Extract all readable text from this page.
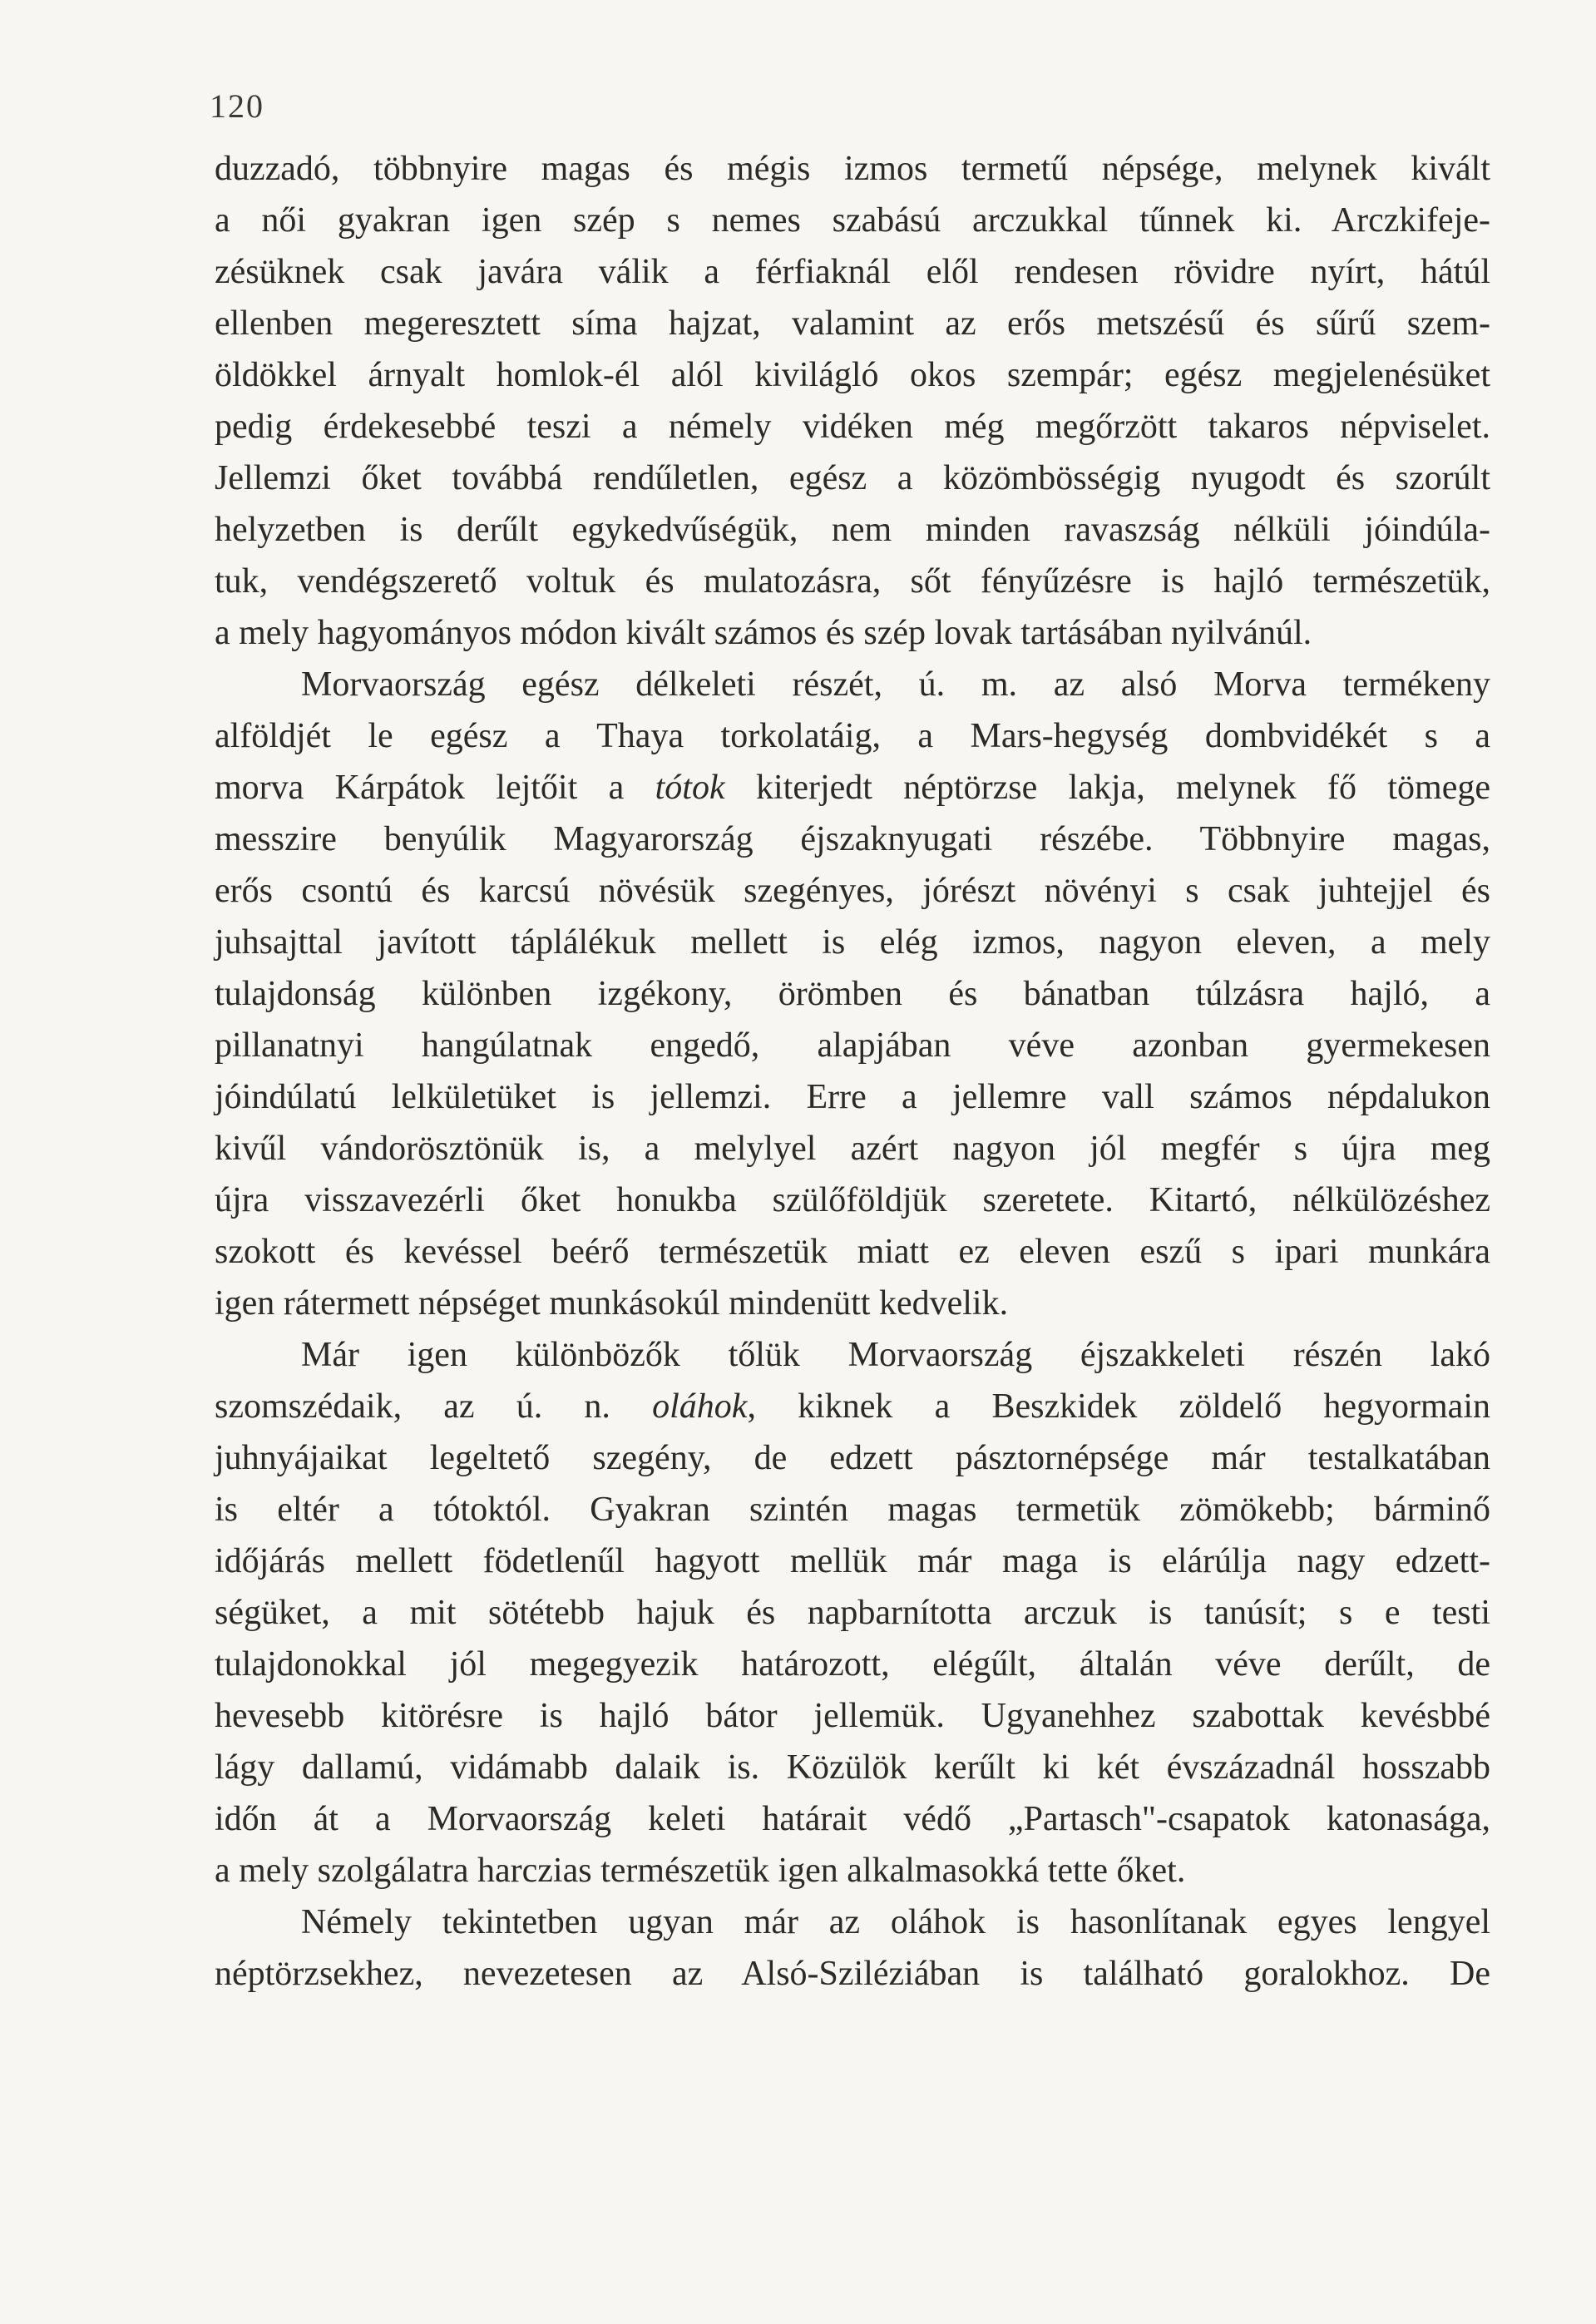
120
duzzadó, többnyire magas és mégis izmos termetű népsége, melynek kivált
a női gyakran igen szép s nemes szabású arczukkal tűnnek ki. Arczkifeje-
zésüknek csak javára válik a férfiaknál elől rendesen rövidre nyírt, hátúl
ellenben megeresztett síma hajzat, valamint az erős metszésű és sűrű szem-
öldökkel árnyalt homlok-él alól kivilágló okos szempár; egész megjelenésüket
pedig érdekesebbé teszi a némely vidéken még megőrzött takaros népviselet.
Jellemzi őket továbbá rendűletlen, egész a közömbösségig nyugodt és szorúlt
helyzetben is derűlt egykedvűségük, nem minden ravaszság nélküli jóindúla-
tuk, vendégszerető voltuk és mulatozásra, sőt fényűzésre is hajló természetük,
a mely hagyományos módon kivált számos és szép lovak tartásában nyilvánúl.
Morvaország egész délkeleti részét, ú. m. az alsó Morva termékeny
alföldjét le egész a Thaya torkolatáig, a Mars-hegység dombvidékét s a
morva Kárpátok lejtőit a tótok kiterjedt néptörzse lakja, melynek fő tömege
messzire benyúlik Magyarország éjszaknyugati részébe. Többnyire magas,
erős csontú és karcsú növésük szegényes, jórészt növényi s csak juhtejjel és
juhsajttal javított táplálékuk mellett is elég izmos, nagyon eleven, a mely
tulajdonság különben izgékony, örömben és bánatban túlzásra hajló, a
pillanatnyi hangúlatnak engedő, alapjában véve azonban gyermekesen
jóindúlatú lelkületüket is jellemzi. Erre a jellemre vall számos népdalukon
kivűl vándorösztönük is, a melylyel azért nagyon jól megfér s újra meg
újra visszavezérli őket honukba szülőföldjük szeretete. Kitartó, nélkülözéshez
szokott és kevéssel beérő természetük miatt ez eleven eszű s ipari munkára
igen rátermett népséget munkásokúl mindenütt kedvelik.
Már igen különbözők tőlük Morvaország éjszakkeleti részén lakó
szomszédaik, az ú. n. oláhok, kiknek a Beszkidek zöldelő hegyormain
juhnyájaikat legeltető szegény, de edzett pásztornépsége már testalkatában
is eltér a tótoktól. Gyakran szintén magas termetük zömökebb; bárminő
időjárás mellett födetlenűl hagyott mellük már maga is elárúlja nagy edzett-
ségüket, a mit sötétebb hajuk és napbarnította arczuk is tanúsít; s e testi
tulajdonokkal jól megegyezik határozott, elégűlt, általán véve derűlt, de
hevesebb kitörésre is hajló bátor jellemük. Ugyanehhez szabottak kevésbbé
lágy dallamú, vidámabb dalaik is. Közülök kerűlt ki két évszázadnál hosszabb
időn át a Morvaország keleti határait védő „Partasch"-csapatok katonasága,
a mely szolgálatra harczias természetük igen alkalmasokká tette őket.
Némely tekintetben ugyan már az oláhok is hasonlítanak egyes lengyel
néptörzsekhez, nevezetesen az Alsó-Sziléziában is található goralokhoz. De
